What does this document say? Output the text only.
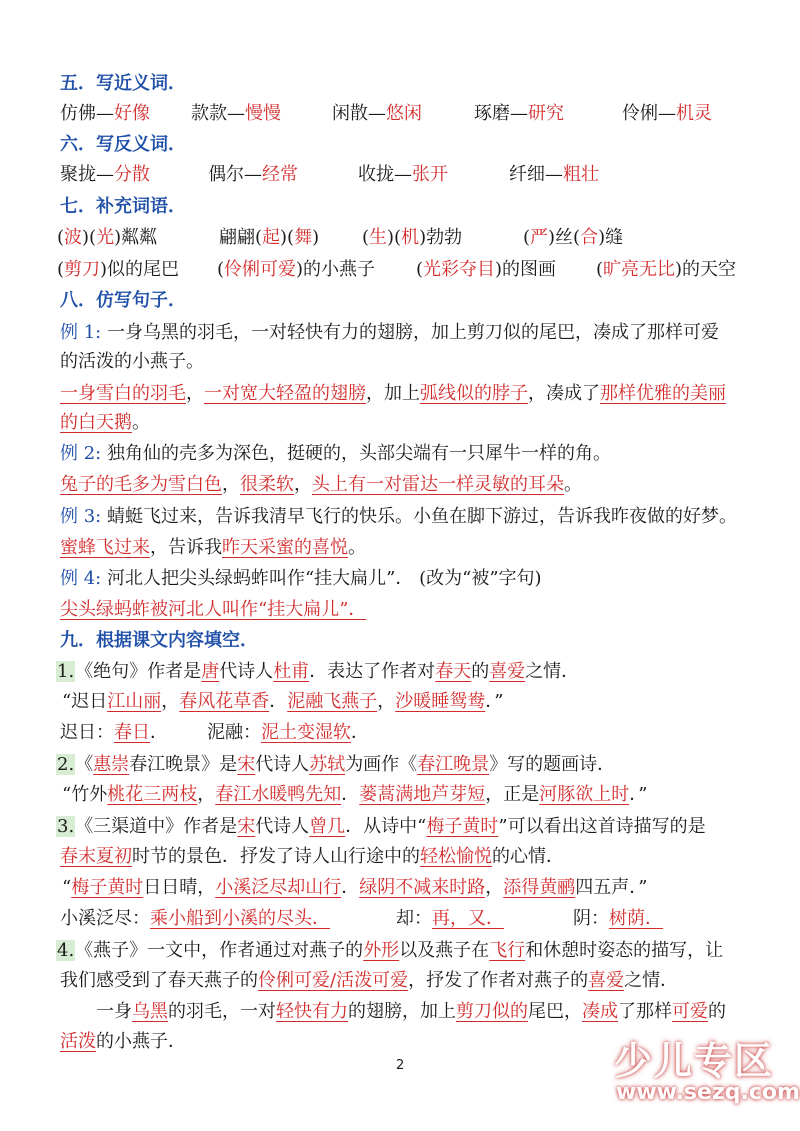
五．写近义词．
仿佛—好像 款款—慢慢	闲散—悠闲	琢磨—研究	伶俐—机灵
六．写反义词．
聚拢—分散	偶尔—经常	收拢—张开	纤细—粗壮
七．补充词语．
(波)(光)粼粼	翩翩(起)(舞) (生)(机)勃勃	(严)丝(合)缝
(剪刀)似的尾巴 (伶俐可爱)的小燕子 (光彩夺目)的图画 (旷亮无比)的天空
八．仿写句子．
例 1: 一身乌黑的羽毛，一对轻快有力的翅膀，加上剪刀似的尾巴，凑成了那样可爱
的活泼的小燕子。
一身雪白的羽毛，一对宽大轻盈的翅膀，加上弧线似的脖子，凑成了那样优雅的美丽
的白天鹅。
例 2: 独角仙的壳多为深色，挺硬的，头部尖端有一只犀牛一样的角。
兔子的毛多为雪白色，很柔软，头上有一对雷达一样灵敏的耳朵。
例 3: 蜻蜓飞过来，告诉我清早飞行的快乐。小鱼在脚下游过，告诉我昨夜做的好梦。
蜜蜂飞过来，告诉我昨天采蜜的喜悦。
例 4: 河北人把尖头绿蚂蚱叫作“挂大扁儿”． (改为“被”字句)
尖头绿蚂蚱被河北人叫作“挂大扁儿”．
九．根据课文内容填空．
1.《绝句》作者是唐代诗人杜甫．表达了作者对春天的喜爱之情．
“迟日江山丽，春风花草香．泥融飞燕子，沙暖睡鸳鸯．”
迟日：春日． 泥融：泥土变湿软．
2.《惠崇春江晚景》是宋代诗人苏轼为画作《春江晚景》写的题画诗．
“竹外桃花三两枝，春江水暖鸭先知．蒌蒿满地芦芽短，正是河豚欲上时．”
3.《三渠道中》作者是宋代诗人曾几．从诗中“梅子黄时”可以看出这首诗描写的是
春末夏初时节的景色．抒发了诗人山行途中的轻松愉悦的心情．
“梅子黄时日日晴，小溪泛尽却山行．绿阴不减来时路，添得黄鹂四五声．”
小溪泛尽：乘小船到小溪的尽头．	却：再，又．	阴：树荫．
4.《燕子》一文中，作者通过对燕子的外形以及燕子在飞行和休憩时姿态的描写，让
我们感受到了春天燕子的伶俐可爱/活泼可爱，抒发了作者对燕子的喜爱之情．
一身乌黑的羽毛，一对轻快有力的翅膀，加上剪刀似的尾巴，凑成了那样可爱的
活泼的小燕子．
2	少儿专区
www.sezq.com
